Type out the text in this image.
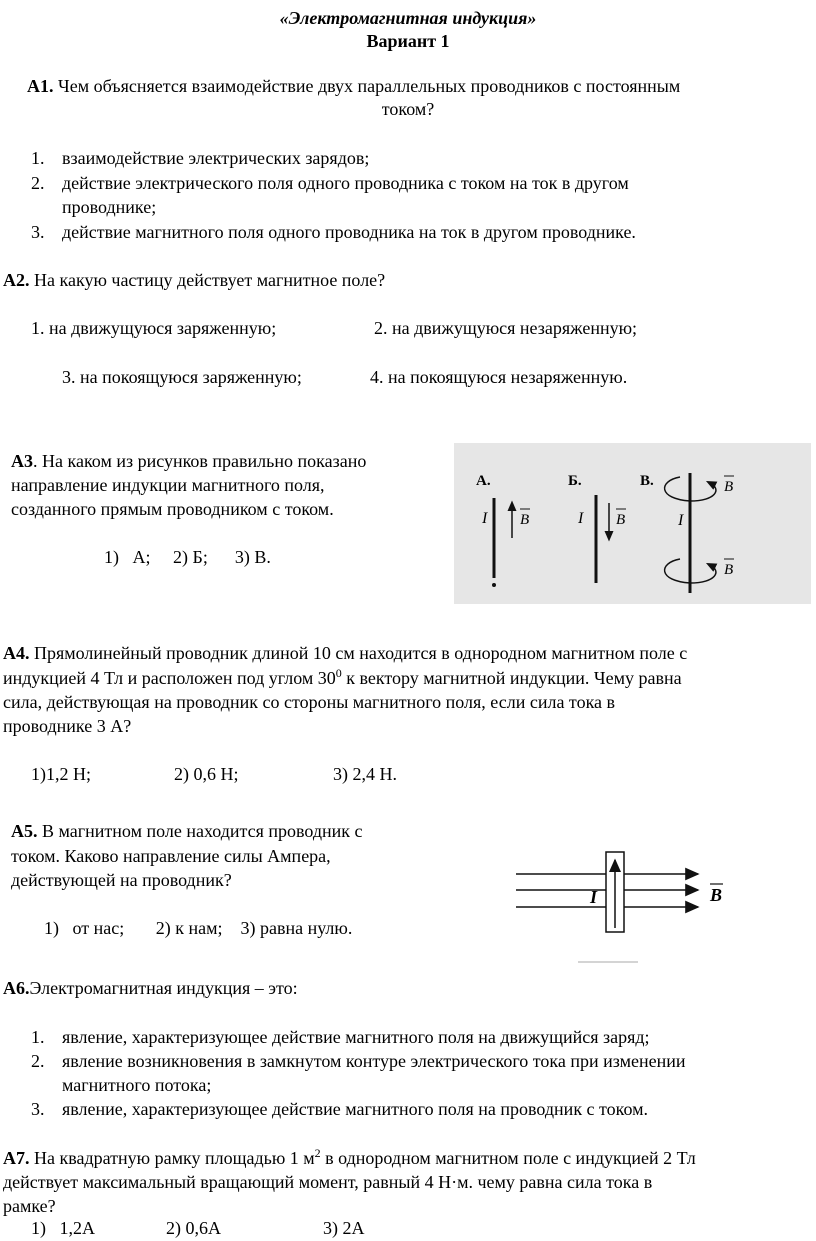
«Электромагнитная индукция»
Вариант 1
А1. Чем объясняется взаимодействие двух параллельных проводников с постоянным
током?
1. взаимодействие электрических зарядов;
2. действие электрического поля одного проводника с током на ток в другом
проводнике;
3. действие магнитного поля одного проводника на ток в другом проводнике.
А2. На какую частицу действует магнитное поле?
1. на движущуюся заряженную;	2. на движущуюся незаряженную;
3. на покоящуюся заряженную;	4. на покоящуюся незаряженную.
А3. На каком из рисунков правильно показано
направление индукции магнитного поля,
созданного прямым проводником с током.
1)   А;     2) Б;      3) В.
А.
I B
Б.
I B
В.
I
B
B
А4. Прямолинейный проводник длиной 10 см находится в однородном магнитном поле с
индукцией 4 Тл и расположен под углом $30^0$ к вектору магнитной индукции. Чему равна
сила, действующая на проводник со стороны магнитного поля, если сила тока в
проводнике 3 А?
1)1,2 Н;	2) 0,6 Н;	3) 2,4 Н.
А5. В магнитном поле находится проводник с
током. Каково направление силы Ампера,
действующей на проводник?
1)   от нас;       2) к нам;    3) равна нулю.
I	B
А6.Электромагнитная индукция – это:
1. явление, характеризующее действие магнитного поля на движущийся заряд;
2. явление возникновения в замкнутом контуре электрического тока при изменении
магнитного потока;
3. явление, характеризующее действие магнитного поля на проводник с током.
А7. На квадратную рамку площадью 1 $м^2$ в однородном магнитном поле с индукцией 2 Тл
действует максимальный вращающий момент, равный 4 Н·м. чему равна сила тока в
рамке?
1)   1,2А	2) 0,6А	3) 2А
